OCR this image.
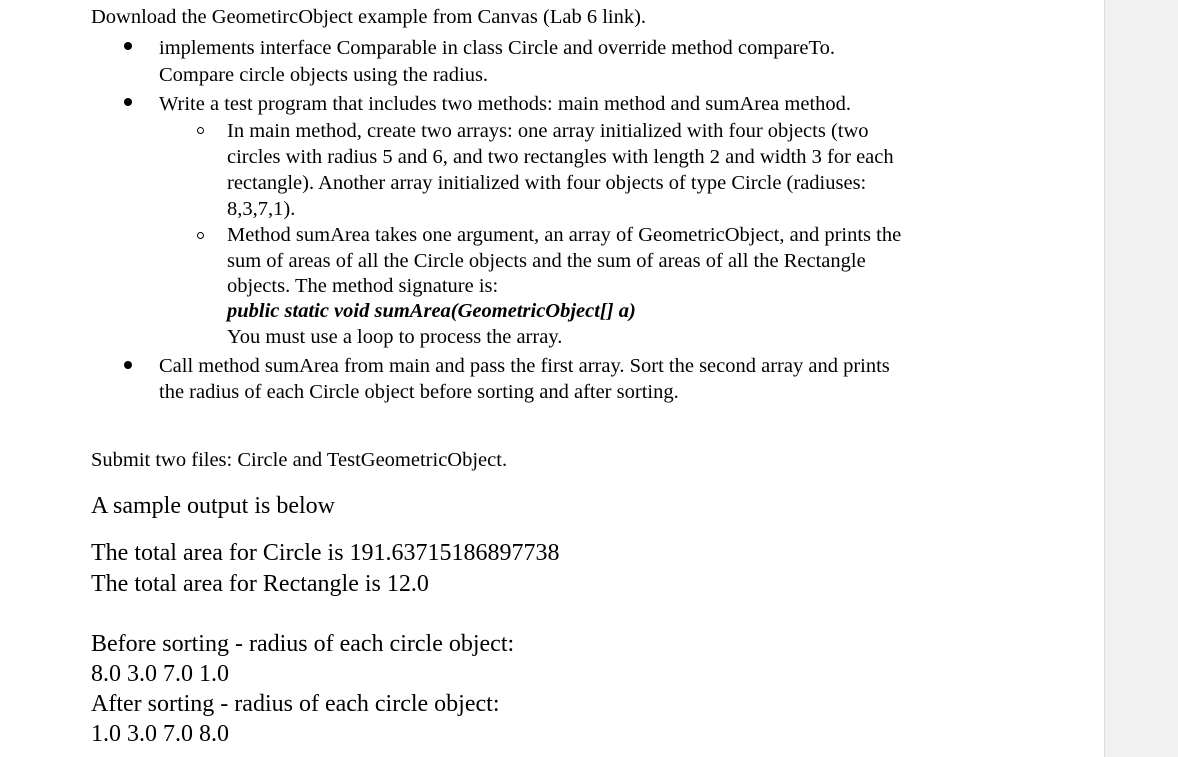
Download the GeometircObject example from Canvas (Lab 6 link).
implements interface Comparable in class Circle and override method compareTo.
Compare circle objects using the radius.
Write a test program that includes two methods: main method and sumArea method.
In main method, create two arrays: one array initialized with four objects (two
circles with radius 5 and 6, and two rectangles with length 2 and width 3 for each
rectangle). Another array initialized with four objects of type Circle (radiuses:
8,3,7,1).
Method sumArea takes one argument, an array of GeometricObject, and prints the
sum of areas of all the Circle objects and the sum of areas of all the Rectangle
objects. The method signature is:
public static void sumArea(GeometricObject[] a)
You must use a loop to process the array.
Call method sumArea from main and pass the first array. Sort the second array and prints
the radius of each Circle object before sorting and after sorting.
Submit two files: Circle and TestGeometricObject.
A sample output is below
The total area for Circle is 191.63715186897738
The total area for Rectangle is 12.0
Before sorting - radius of each circle object:
8.0 3.0 7.0 1.0
After sorting - radius of each circle object:
1.0 3.0 7.0 8.0
